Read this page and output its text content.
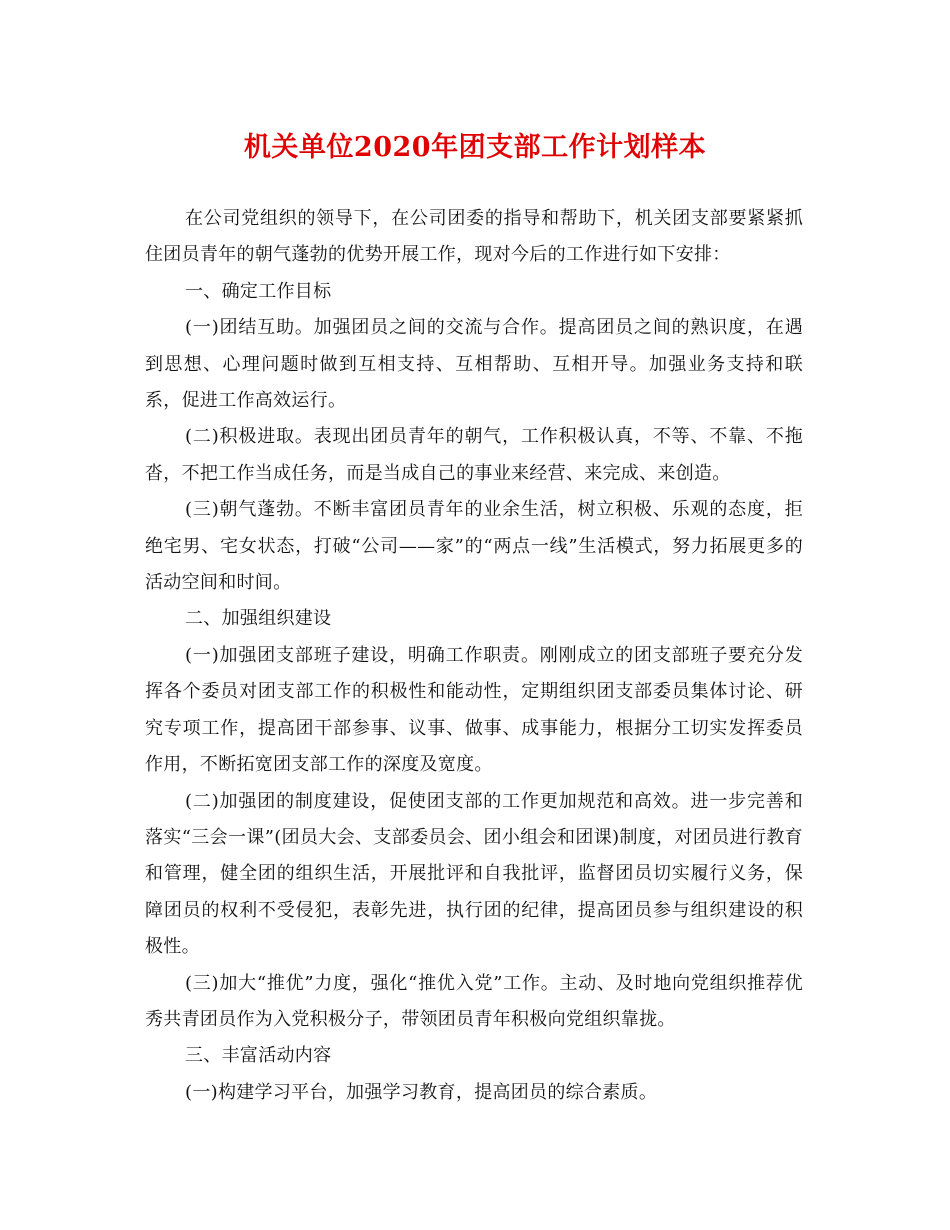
机关单位2020年团支部工作计划样本

在公司党组织的领导下，在公司团委的指导和帮助下，机关团支部要紧紧抓住团员青年的朝气蓬勃的优势开展工作，现对今后的工作进行如下安排：

一、确定工作目标

(一)团结互助。加强团员之间的交流与合作。提高团员之间的熟识度，在遇到思想、心理问题时做到互相支持、互相帮助、互相开导。加强业务支持和联系，促进工作高效运行。

(二)积极进取。表现出团员青年的朝气，工作积极认真，不等、不靠、不拖沓，不把工作当成任务，而是当成自己的事业来经营、来完成、来创造。

(三)朝气蓬勃。不断丰富团员青年的业余生活，树立积极、乐观的态度，拒绝宅男、宅女状态，打破“公司——家”的“两点一线”生活模式，努力拓展更多的活动空间和时间。

二、加强组织建设

(一)加强团支部班子建设，明确工作职责。刚刚成立的团支部班子要充分发挥各个委员对团支部工作的积极性和能动性，定期组织团支部委员集体讨论、研究专项工作，提高团干部参事、议事、做事、成事能力，根据分工切实发挥委员作用，不断拓宽团支部工作的深度及宽度。

(二)加强团的制度建设，促使团支部的工作更加规范和高效。进一步完善和落实“三会一课”(团员大会、支部委员会、团小组会和团课)制度，对团员进行教育和管理，健全团的组织生活，开展批评和自我批评，监督团员切实履行义务，保障团员的权利不受侵犯，表彰先进，执行团的纪律，提高团员参与组织建设的积极性。

(三)加大“推优”力度，强化“推优入党”工作。主动、及时地向党组织推荐优秀共青团员作为入党积极分子，带领团员青年积极向党组织靠拢。

三、丰富活动内容

(一)构建学习平台，加强学习教育，提高团员的综合素质。
